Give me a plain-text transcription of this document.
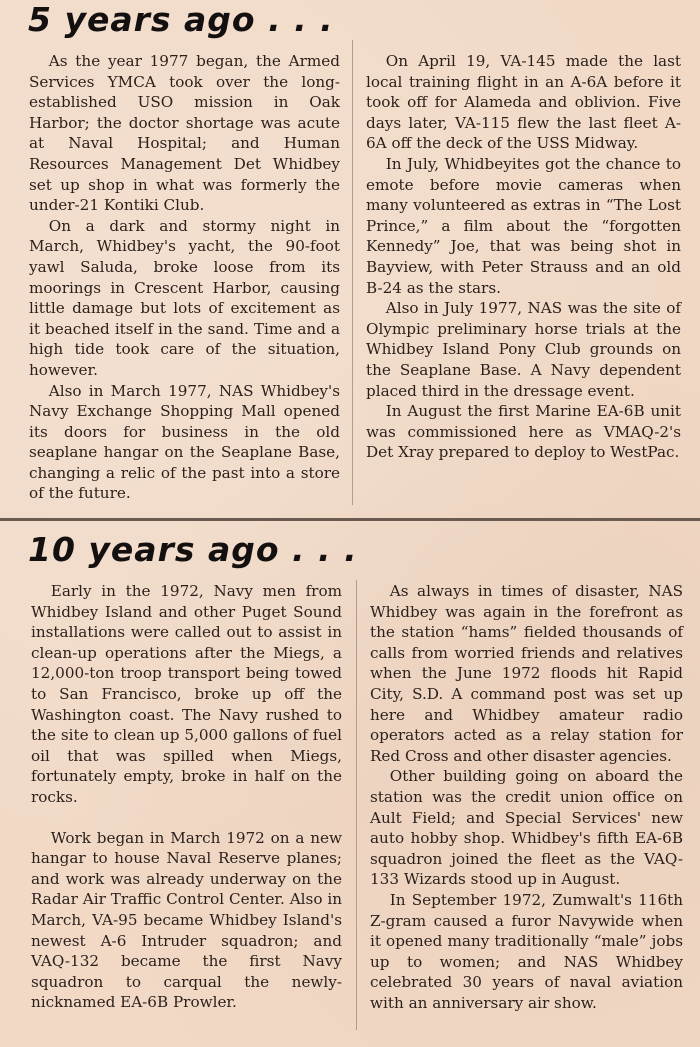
5 years ago . . .

As the year 1977 began, the Armed Services YMCA took over the long-established USO mission in Oak Harbor; the doctor shortage was acute at Naval Hospital; and Human Resources Management Det Whidbey set up shop in what was formerly the under-21 Kontiki Club.

On a dark and stormy night in March, Whidbey's yacht, the 90-foot yawl Saluda, broke loose from its moorings in Crescent Harbor, causing little damage but lots of excitement as it beached itself in the sand. Time and a high tide took care of the situation, however.

Also in March 1977, NAS Whidbey's Navy Exchange Shopping Mall opened its doors for business in the old seaplane hangar on the Seaplane Base, changing a relic of the past into a store of the future.

On April 19, VA-145 made the last local training flight in an A-6A before it took off for Alameda and oblivion. Five days later, VA-115 flew the last fleet A-6A off the deck of the USS Midway.

In July, Whidbeyites got the chance to emote before movie cameras when many volunteered as extras in “The Lost Prince,” a film about the “forgotten Kennedy” Joe, that was being shot in Bayview, with Peter Strauss and an old B-24 as the stars.

Also in July 1977, NAS was the site of Olympic preliminary horse trials at the Whidbey Island Pony Club grounds on the Seaplane Base. A Navy dependent placed third in the dressage event.

In August the first Marine EA-6B unit was commissioned here as VMAQ-2's Det Xray prepared to deploy to WestPac.

10 years ago . . .

Early in the 1972, Navy men from Whidbey Island and other Puget Sound installations were called out to assist in clean-up operations after the Miegs, a 12,000-ton troop transport being towed to San Francisco, broke up off the Washington coast. The Navy rushed to the site to clean up 5,000 gallons of fuel oil that was spilled when Miegs, fortunately empty, broke in half on the rocks.

Work began in March 1972 on a new hangar to house Naval Reserve planes; and work was already underway on the Radar Air Traffic Control Center. Also in March, VA-95 became Whidbey Island's newest A-6 Intruder squadron; and VAQ-132 became the first Navy squadron to carqual the newly-nicknamed EA-6B Prowler.

As always in times of disaster, NAS Whidbey was again in the forefront as the station “hams” fielded thousands of calls from worried friends and relatives when the June 1972 floods hit Rapid City, S.D. A command post was set up here and Whidbey amateur radio operators acted as a relay station for Red Cross and other disaster agencies.

Other building going on aboard the station was the credit union office on Ault Field; and Special Services' new auto hobby shop. Whidbey's fifth EA-6B squadron joined the fleet as the VAQ-133 Wizards stood up in August.

In September 1972, Zumwalt's 116th Z-gram caused a furor Navywide when it opened many traditionally “male” jobs up to women; and NAS Whidbey celebrated 30 years of naval aviation with an anniversary air show.
